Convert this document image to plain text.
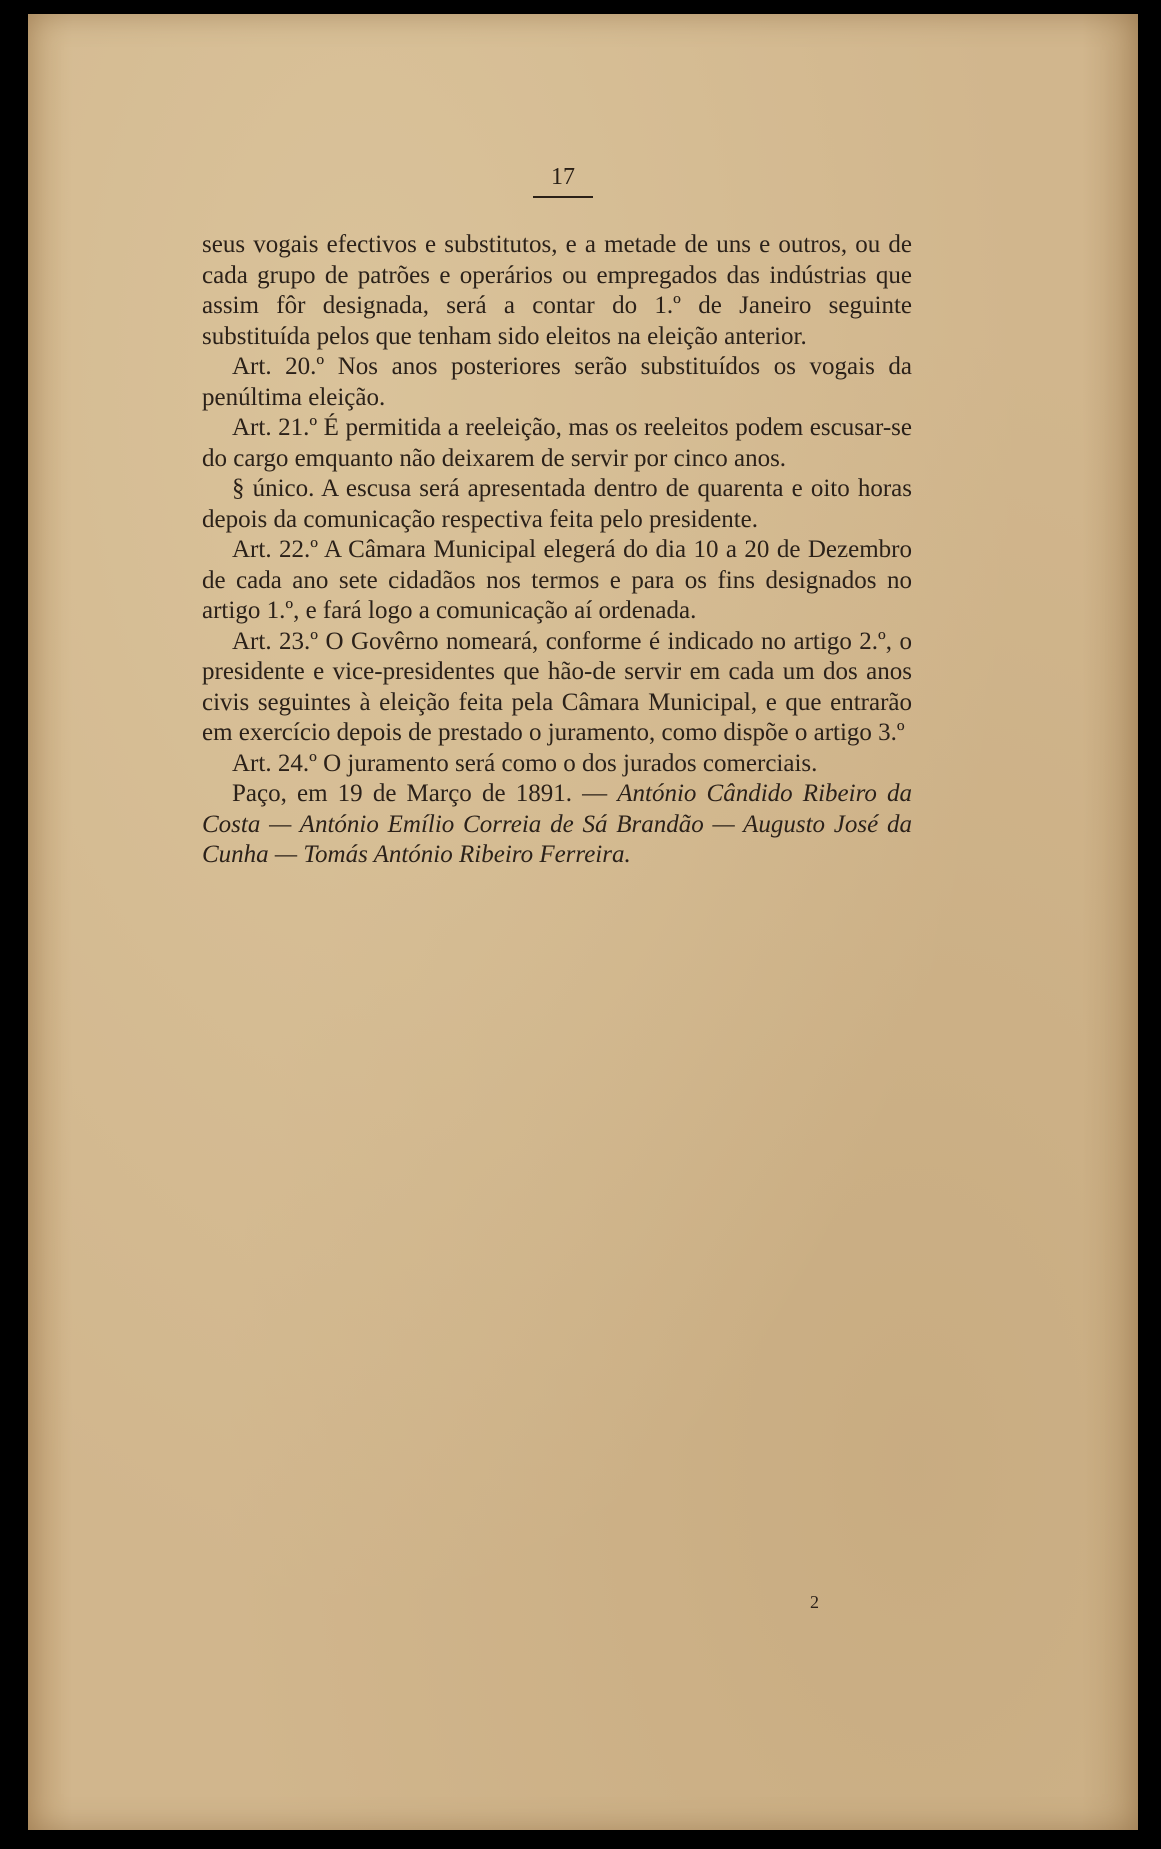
17

seus vogais efectivos e substitutos, e a metade de uns e outros, ou de cada grupo de patrões e operários ou empregados das indústrias que assim fôr designada, será a contar do 1.º de Janeiro seguinte substituída pelos que tenham sido eleitos na eleição anterior.

Art. 20.º Nos anos posteriores serão substituídos os vogais da penúltima eleição.

Art. 21.º É permitida a reeleição, mas os reeleitos podem escusar-se do cargo emquanto não deixarem de servir por cinco anos.

§ único. A escusa será apresentada dentro de quarenta e oito horas depois da comunicação respectiva feita pelo presidente.

Art. 22.º A Câmara Municipal elegerá do dia 10 a 20 de Dezembro de cada ano sete cidadãos nos termos e para os fins designados no artigo 1.º, e fará logo a comunicação aí ordenada.

Art. 23.º O Govêrno nomeará, conforme é indicado no artigo 2.º, o presidente e vice-presidentes que hão-de servir em cada um dos anos civis seguintes à eleição feita pela Câmara Municipal, e que entrarão em exercício depois de prestado o juramento, como dispõe o artigo 3.º

Art. 24.º O juramento será como o dos jurados comerciais.

Paço, em 19 de Março de 1891. — António Cândido Ribeiro da Costa — António Emílio Correia de Sá Brandão — Augusto José da Cunha — Tomás António Ribeiro Ferreira.

2
